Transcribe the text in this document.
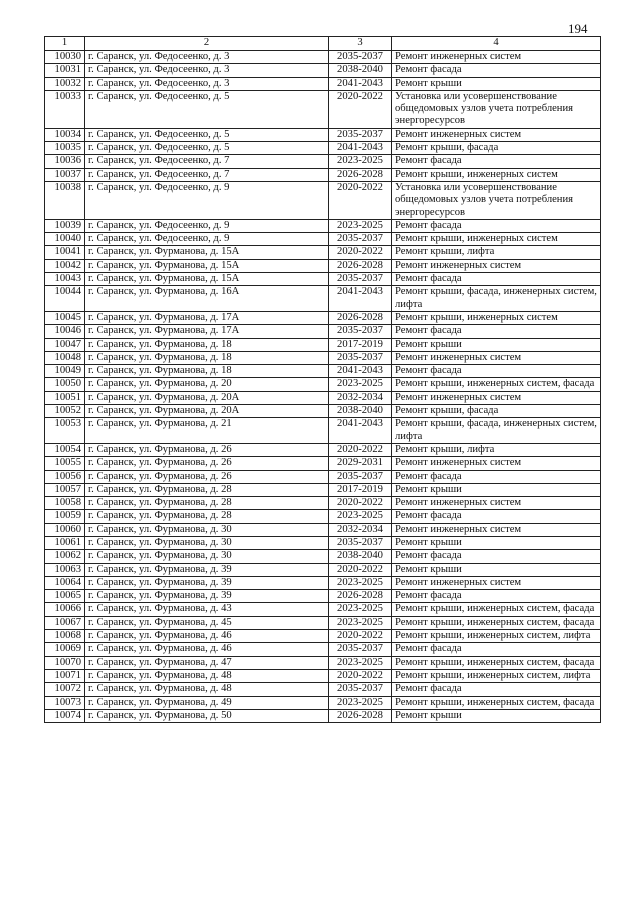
194
1	2	3	4
10030	г. Саранск, ул. Федосеенко, д. 3	2035-2037	Ремонт инженерных систем
10031	г. Саранск, ул. Федосеенко, д. 3	2038-2040	Ремонт фасада
10032	г. Саранск, ул. Федосеенко, д. 3	2041-2043	Ремонт крыши
10033	г. Саранск, ул. Федосеенко, д. 5	2020-2022	Установка или усовершенствование общедомовых узлов учета потребления энергоресурсов
10034	г. Саранск, ул. Федосеенко, д. 5	2035-2037	Ремонт инженерных систем
10035	г. Саранск, ул. Федосеенко, д. 5	2041-2043	Ремонт крыши, фасада
10036	г. Саранск, ул. Федосеенко, д. 7	2023-2025	Ремонт фасада
10037	г. Саранск, ул. Федосеенко, д. 7	2026-2028	Ремонт крыши, инженерных систем
10038	г. Саранск, ул. Федосеенко, д. 9	2020-2022	Установка или усовершенствование общедомовых узлов учета потребления энергоресурсов
10039	г. Саранск, ул. Федосеенко, д. 9	2023-2025	Ремонт фасада
10040	г. Саранск, ул. Федосеенко, д. 9	2035-2037	Ремонт крыши, инженерных систем
10041	г. Саранск, ул. Фурманова, д. 15А	2020-2022	Ремонт крыши, лифта
10042	г. Саранск, ул. Фурманова, д. 15А	2026-2028	Ремонт инженерных систем
10043	г. Саранск, ул. Фурманова, д. 15А	2035-2037	Ремонт фасада
10044	г. Саранск, ул. Фурманова, д. 16А	2041-2043	Ремонт крыши, фасада, инженерных систем, лифта
10045	г. Саранск, ул. Фурманова, д. 17А	2026-2028	Ремонт крыши, инженерных систем
10046	г. Саранск, ул. Фурманова, д. 17А	2035-2037	Ремонт фасада
10047	г. Саранск, ул. Фурманова, д. 18	2017-2019	Ремонт крыши
10048	г. Саранск, ул. Фурманова, д. 18	2035-2037	Ремонт инженерных систем
10049	г. Саранск, ул. Фурманова, д. 18	2041-2043	Ремонт фасада
10050	г. Саранск, ул. Фурманова, д. 20	2023-2025	Ремонт крыши, инженерных систем, фасада
10051	г. Саранск, ул. Фурманова, д. 20А	2032-2034	Ремонт инженерных систем
10052	г. Саранск, ул. Фурманова, д. 20А	2038-2040	Ремонт крыши, фасада
10053	г. Саранск, ул. Фурманова, д. 21	2041-2043	Ремонт крыши, фасада, инженерных систем, лифта
10054	г. Саранск, ул. Фурманова, д. 26	2020-2022	Ремонт крыши, лифта
10055	г. Саранск, ул. Фурманова, д. 26	2029-2031	Ремонт инженерных систем
10056	г. Саранск, ул. Фурманова, д. 26	2035-2037	Ремонт фасада
10057	г. Саранск, ул. Фурманова, д. 28	2017-2019	Ремонт крыши
10058	г. Саранск, ул. Фурманова, д. 28	2020-2022	Ремонт инженерных систем
10059	г. Саранск, ул. Фурманова, д. 28	2023-2025	Ремонт фасада
10060	г. Саранск, ул. Фурманова, д. 30	2032-2034	Ремонт инженерных систем
10061	г. Саранск, ул. Фурманова, д. 30	2035-2037	Ремонт крыши
10062	г. Саранск, ул. Фурманова, д. 30	2038-2040	Ремонт фасада
10063	г. Саранск, ул. Фурманова, д. 39	2020-2022	Ремонт крыши
10064	г. Саранск, ул. Фурманова, д. 39	2023-2025	Ремонт инженерных систем
10065	г. Саранск, ул. Фурманова, д. 39	2026-2028	Ремонт фасада
10066	г. Саранск, ул. Фурманова, д. 43	2023-2025	Ремонт крыши, инженерных систем, фасада
10067	г. Саранск, ул. Фурманова, д. 45	2023-2025	Ремонт крыши, инженерных систем, фасада
10068	г. Саранск, ул. Фурманова, д. 46	2020-2022	Ремонт крыши, инженерных систем, лифта
10069	г. Саранск, ул. Фурманова, д. 46	2035-2037	Ремонт фасада
10070	г. Саранск, ул. Фурманова, д. 47	2023-2025	Ремонт крыши, инженерных систем, фасада
10071	г. Саранск, ул. Фурманова, д. 48	2020-2022	Ремонт крыши, инженерных систем, лифта
10072	г. Саранск, ул. Фурманова, д. 48	2035-2037	Ремонт фасада
10073	г. Саранск, ул. Фурманова, д. 49	2023-2025	Ремонт крыши, инженерных систем, фасада
10074	г. Саранск, ул. Фурманова, д. 50	2026-2028	Ремонт крыши
